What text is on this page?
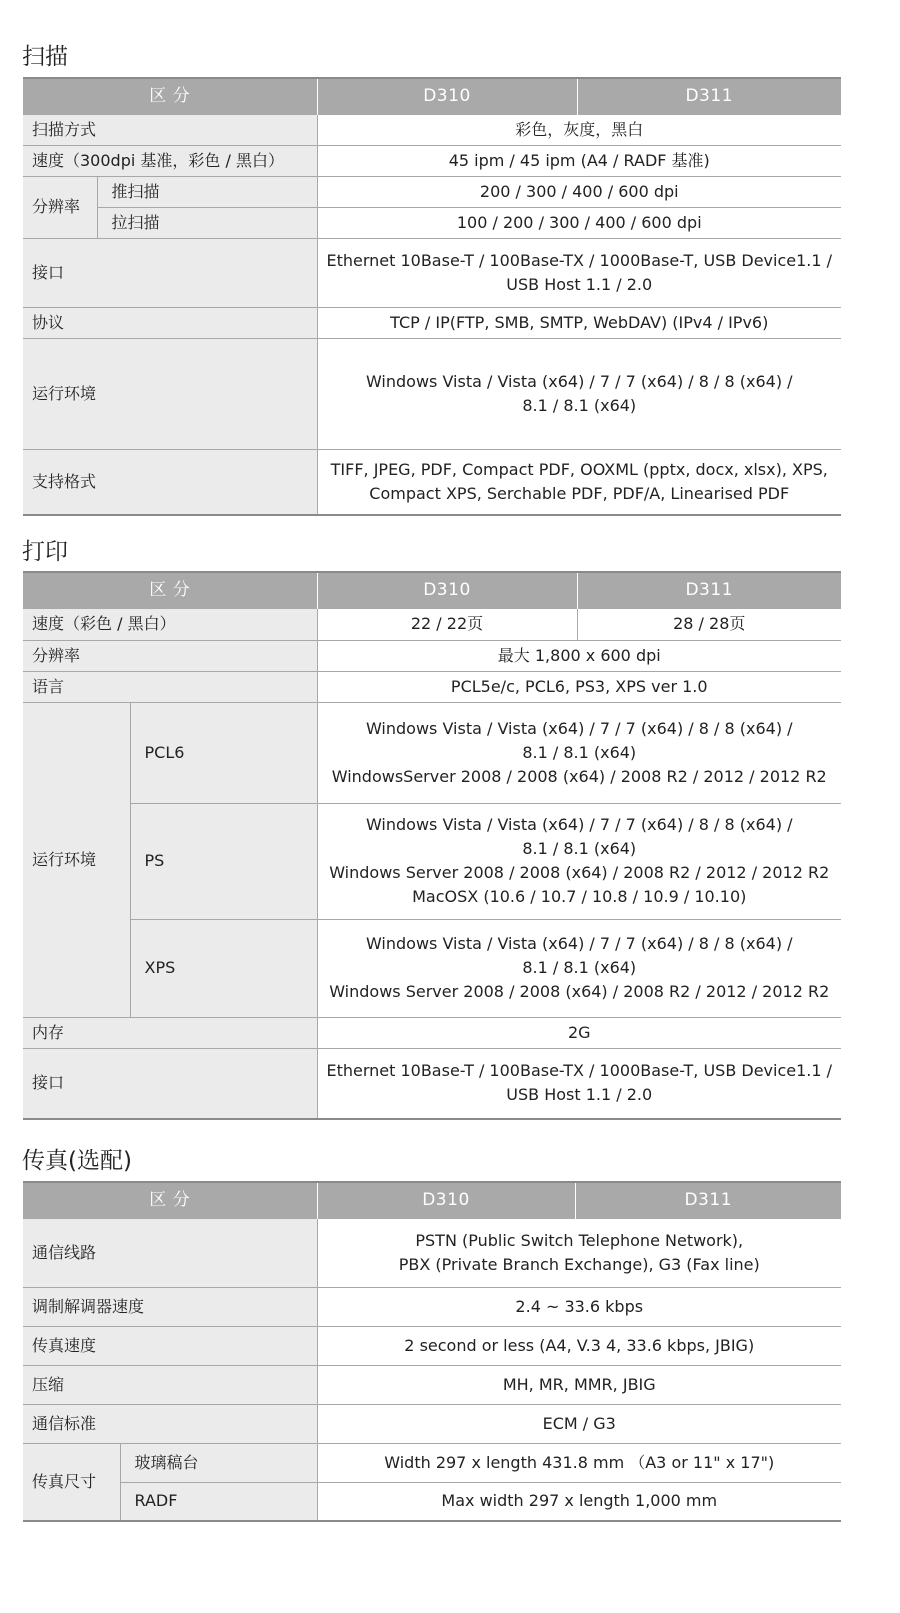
扫描
区 分		D310	D311
扫描方式		彩色，灰度，黑白	
速度（300dpi 基准，彩色 / 黑白）		45 ipm / 45 ipm (A4 / RADF 基准)	
分辨率	推扫描	200 / 300 / 400 / 600 dpi	
	拉扫描	100 / 200 / 300 / 400 / 600 dpi	
接口		Ethernet 10Base-T / 100Base-TX / 1000Base-T, USB Device1.1 /
USB Host 1.1 / 2.0	

协议		TCP / IP(FTP, SMB, SMTP, WebDAV) (IPv4 / IPv6)	
运行环境		Windows Vista / Vista (x64) / 7 / 7 (x64) / 8 / 8 (x64) /
8.1 / 8.1 (x64)	

支持格式		TIFF, JPEG, PDF, Compact PDF, OOXML (pptx, docx, xlsx), XPS,
Compact XPS, Serchable PDF, PDF/A, Linearised PDF	
打印
区 分		D310	D311
速度（彩色 / 黑白）		22 / 22页	28 / 28页
分辨率		最大 1,800 x 600 dpi	
语言		PCL5e/c, PCL6, PS3, XPS ver 1.0	
运行环境	PCL6	Windows Vista / Vista (x64) / 7 / 7 (x64) / 8 / 8 (x64) /
8.1 / 8.1 (x64)
WindowsServer 2008 / 2008 (x64) / 2008 R2 / 2012 / 2012 R2	

	PS	Windows Vista / Vista (x64) / 7 / 7 (x64) / 8 / 8 (x64) /
8.1 / 8.1 (x64)
Windows Server 2008 / 2008 (x64) / 2008 R2 / 2012 / 2012 R2
MacOSX (10.6 / 10.7 / 10.8 / 10.9 / 10.10)	

	XPS	Windows Vista / Vista (x64) / 7 / 7 (x64) / 8 / 8 (x64) /
8.1 / 8.1 (x64)
Windows Server 2008 / 2008 (x64) / 2008 R2 / 2012 / 2012 R2	

内存		2G	
接口		Ethernet 10Base-T / 100Base-TX / 1000Base-T, USB Device1.1 /
USB Host 1.1 / 2.0	
传真(选配)
区 分		D310	D311
通信线路		PSTN (Public Switch Telephone Network),
PBX (Private Branch Exchange), G3 (Fax line)	

调制解调器速度		2.4 ~ 33.6 kbps	
传真速度		2 second or less (A4, V.3 4, 33.6 kbps, JBIG)	
压缩		MH, MR, MMR, JBIG	
通信标准		ECM / G3	
传真尺寸	玻璃稿台	Width 297 x length 431.8 mm （A3 or 11" x 17")	
	RADF	Max width 297 x length 1,000 mm	
